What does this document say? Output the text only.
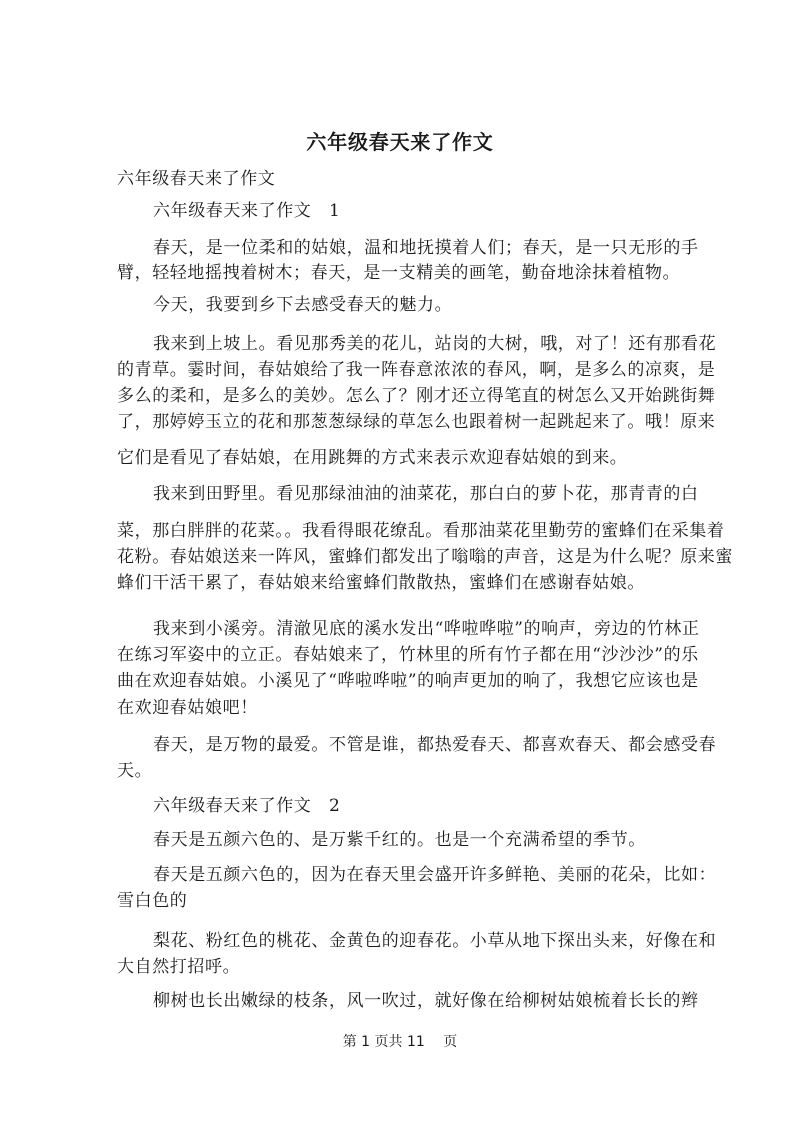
六年级春天来了作文

六年级春天来了作文

六年级春天来了作文　1

春天，是一位柔和的姑娘，温和地抚摸着人们；春天，是一只无形的手

臂，轻轻地摇拽着树木；春天，是一支精美的画笔，勤奋地涂抹着植物。

今天，我要到乡下去感受春天的魅力。

我来到上坡上。看见那秀美的花儿，站岗的大树，哦，对了！还有那看花

的青草。霎时间，春姑娘给了我一阵春意浓浓的春风，啊，是多么的凉爽，是

多么的柔和，是多么的美妙。怎么了？刚才还立得笔直的树怎么又开始跳街舞

了，那婷婷玉立的花和那葱葱绿绿的草怎么也跟着树一起跳起来了。哦！原来

它们是看见了春姑娘，在用跳舞的方式来表示欢迎春姑娘的到来。

我来到田野里。看见那绿油油的油菜花，那白白的萝卜花，那青青的白

菜，那白胖胖的花菜。。我看得眼花缭乱。看那油菜花里勤劳的蜜蜂们在采集着

花粉。春姑娘送来一阵风，蜜蜂们都发出了嗡嗡的声音，这是为什么呢？原来蜜

蜂们干活干累了，春姑娘来给蜜蜂们散散热，蜜蜂们在感谢春姑娘。

我来到小溪旁。清澈见底的溪水发出“哗啦哗啦”的响声，旁边的竹林正

在练习军姿中的立正。春姑娘来了，竹林里的所有竹子都在用“沙沙沙”的乐

曲在欢迎春姑娘。小溪见了“哗啦哗啦”的响声更加的响了，我想它应该也是

在欢迎春姑娘吧！

春天，是万物的最爱。不管是谁，都热爱春天、都喜欢春天、都会感受春

天。

六年级春天来了作文　2

春天是五颜六色的、是万紫千红的。也是一个充满希望的季节。

春天是五颜六色的，因为在春天里会盛开许多鲜艳、美丽的花朵，比如：

雪白色的

梨花、粉红色的桃花、金黄色的迎春花。小草从地下探出头来，好像在和

大自然打招呼。

柳树也长出嫩绿的枝条，风一吹过，就好像在给柳树姑娘梳着长长的辫

第 1 页共 11　 页
